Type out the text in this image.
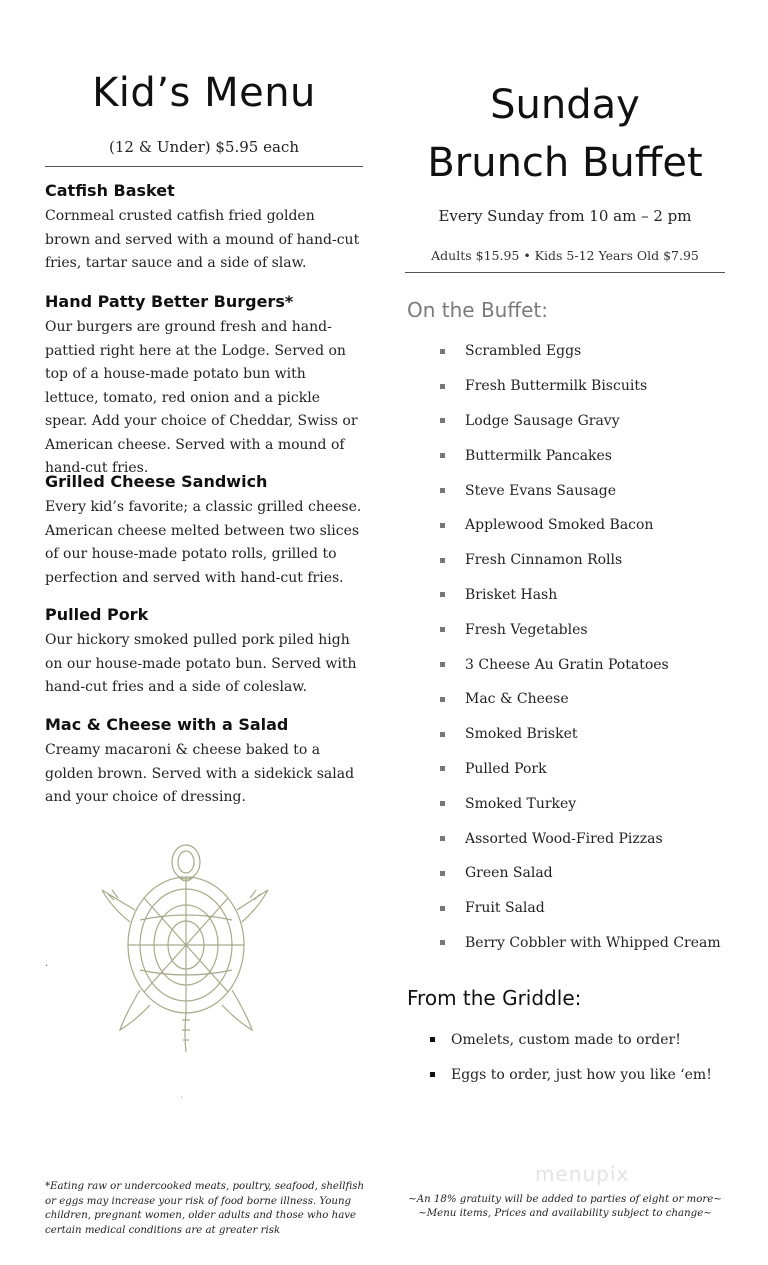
Kid’s Menu
(12 & Under) $5.95 each

Catfish Basket

Cornmeal crusted catfish fried golden brown and served with a mound of hand-cut fries, tartar sauce and a side of slaw.

Hand Patty Better Burgers*

Our burgers are ground fresh and hand-pattied right here at the Lodge. Served on top of a house-made potato bun with lettuce, tomato, red onion and a pickle spear. Add your choice of Cheddar, Swiss or American cheese. Served with a mound of hand-cut fries.

Grilled Cheese Sandwich

Every kid’s favorite; a classic grilled cheese. American cheese melted between two slices of our house-made potato rolls, grilled to perfection and served with hand-cut fries.

Pulled Pork

Our hickory smoked pulled pork piled high on our house-made potato bun. Served with hand-cut fries and a side of coleslaw.

Mac & Cheese with a Salad

Creamy macaroni & cheese baked to a golden brown. Served with a sidekick salad and your choice of dressing.

.
.
*Eating raw or undercooked meats, poultry, seafood, shellfish or eggs may increase your risk of food borne illness. Young children, pregnant women, older adults and those who have certain medical conditions are at greater risk
Sunday
Brunch Buffet
Every Sunday from 10 am – 2 pm
Adults $15.95 • Kids 5-12 Years Old $7.95
On the Buffet:
Scrambled Eggs
Fresh Buttermilk Biscuits
Lodge Sausage Gravy
Buttermilk Pancakes
Steve Evans Sausage
Applewood Smoked Bacon
Fresh Cinnamon Rolls
Brisket Hash
Fresh Vegetables
3 Cheese Au Gratin Potatoes
Mac & Cheese
Smoked Brisket
Pulled Pork
Smoked Turkey
Assorted Wood-Fired Pizzas
Green Salad
Fruit Salad
Berry Cobbler with Whipped Cream
From the Griddle:
Omelets, custom made to order!
Eggs to order, just how you like ‘em!
menupix
~An 18% gratuity will be added to parties of eight or more~
~Menu items, Prices and availability subject to change~
